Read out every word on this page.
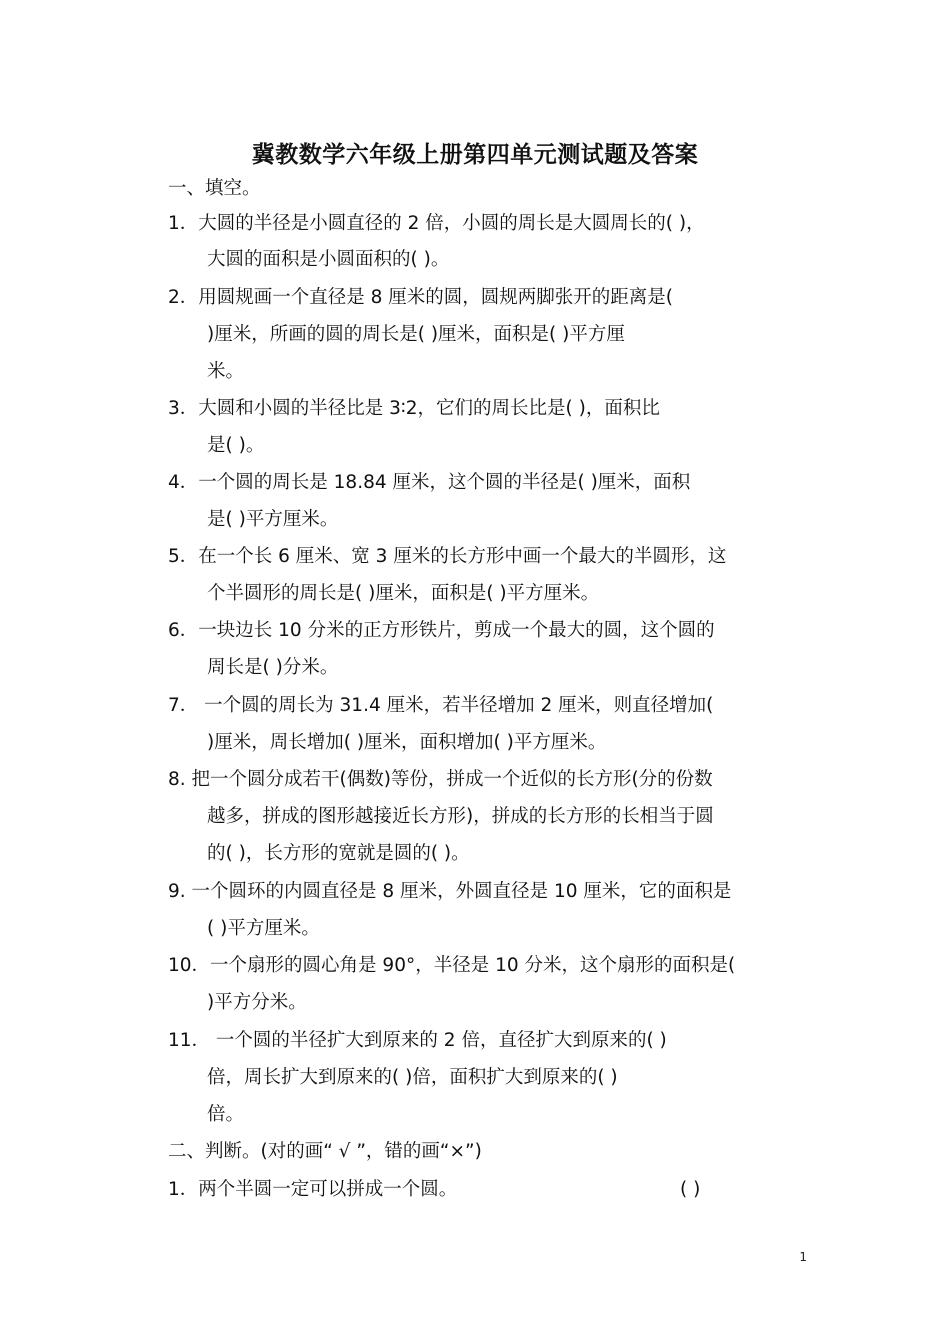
冀教数学六年级上册第四单元测试题及答案
一、填空。
1．大圆的半径是小圆直径的 2 倍，小圆的周长是大圆周长的( )，
大圆的面积是小圆面积的( )。
2．用圆规画一个直径是 8 厘米的圆，圆规两脚张开的距离是(
)厘米，所画的圆的周长是( )厘米，面积是( )平方厘
米。
3．大圆和小圆的半径比是 3∶2，它们的周长比是( )，面积比
是( )。
4．一个圆的周长是 18.84 厘米，这个圆的半径是( )厘米，面积
是( )平方厘米。
5．在一个长 6 厘米、宽 3 厘米的长方形中画一个最大的半圆形，这
个半圆形的周长是( )厘米，面积是( )平方厘米。
6．一块边长 10 分米的正方形铁片，剪成一个最大的圆，这个圆的
周长是( )分米。
7． 一个圆的周长为 31.4 厘米，若半径增加 2 厘米，则直径增加(
)厘米，周长增加( )厘米，面积增加( )平方厘米。
8. 把一个圆分成若干(偶数)等份，拼成一个近似的长方形(分的份数
越多，拼成的图形越接近长方形)，拼成的长方形的长相当于圆
的( )，长方形的宽就是圆的( )。
9. 一个圆环的内圆直径是 8 厘米，外圆直径是 10 厘米，它的面积是
( )平方厘米。
10．一个扇形的圆心角是 90°，半径是 10 分米，这个扇形的面积是(
)平方分米。
11． 一个圆的半径扩大到原来的 2 倍，直径扩大到原来的( )
倍，周长扩大到原来的( )倍，面积扩大到原来的( )
倍。
二、判断。(对的画“ √ ”，错的画“×”)
1．两个半圆一定可以拼成一个圆。	( )
1
